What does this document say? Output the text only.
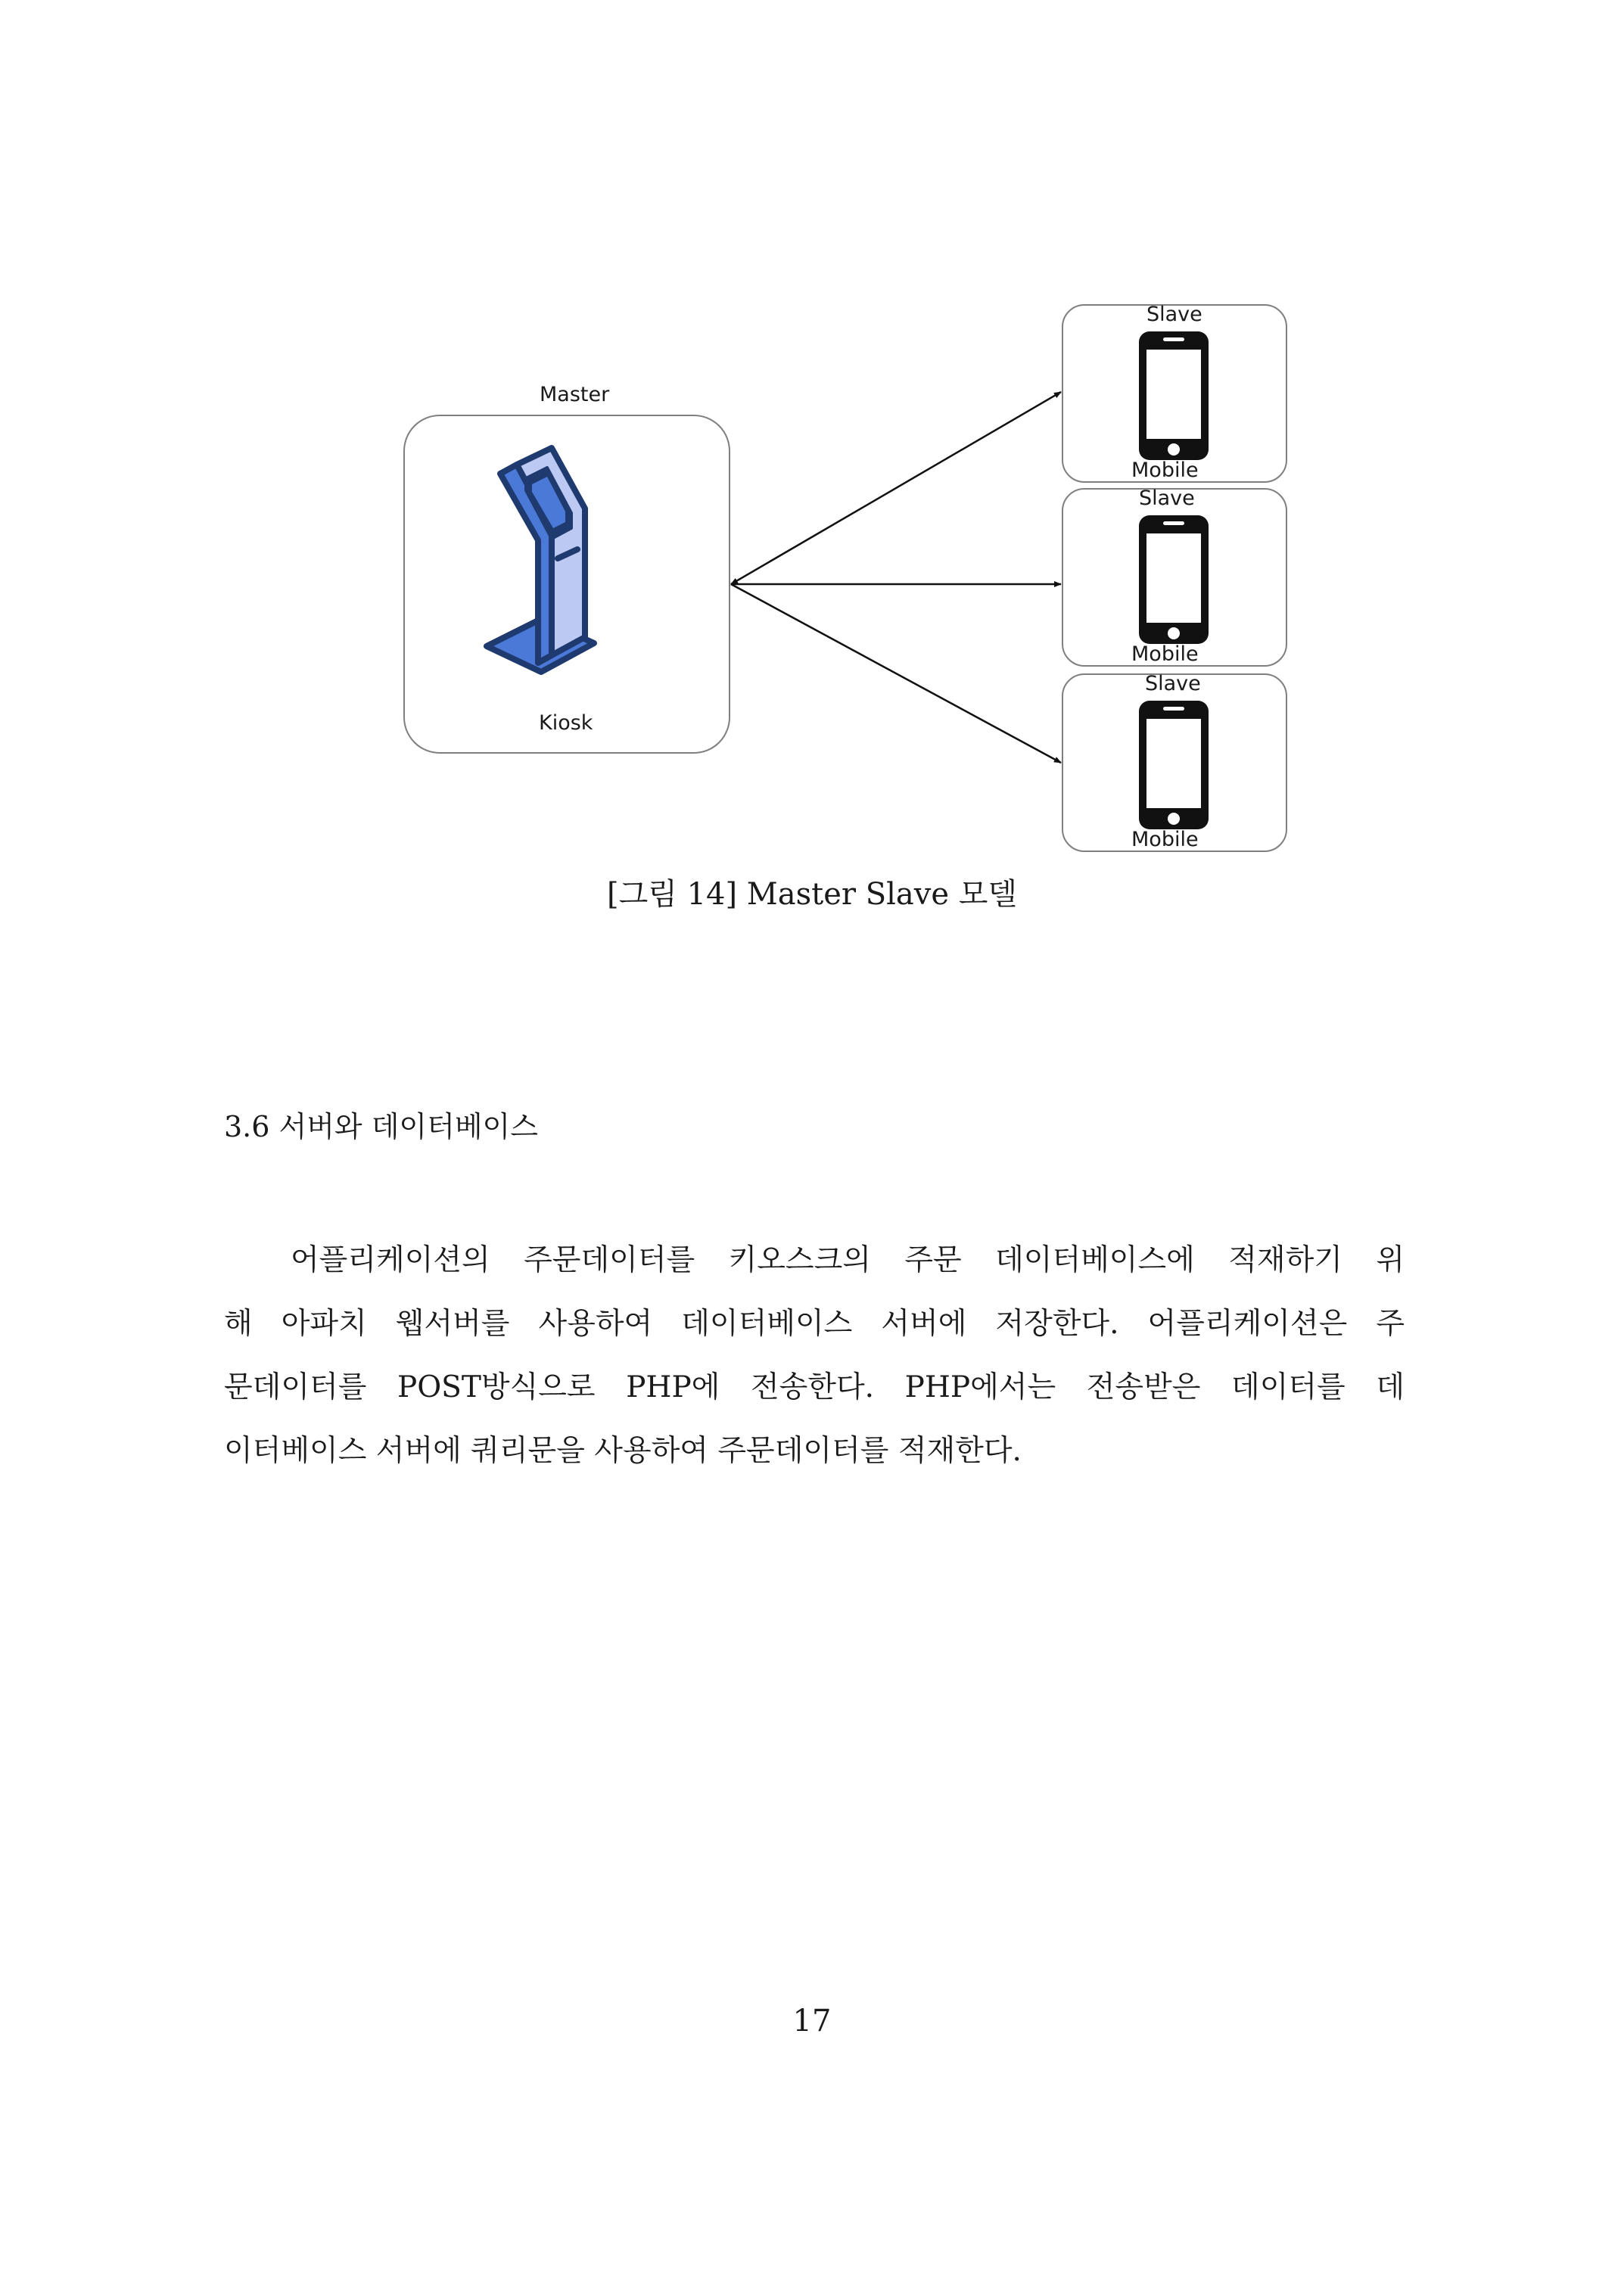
Master
Kiosk
Slave
Mobile
Slave
Mobile
Slave
Mobile
[그림 14] Master Slave 모델
3.6 서버와 데이터베이스
어플리케이션의 주문데이터를 키오스크의 주문 데이터베이스에 적재하기 위
해 아파치 웹서버를 사용하여 데이터베이스 서버에 저장한다. 어플리케이션은 주
문데이터를 POST방식으로 PHP에 전송한다. PHP에서는 전송받은 데이터를 데
이터베이스 서버에 쿼리문을 사용하여 주문데이터를 적재한다.
17
